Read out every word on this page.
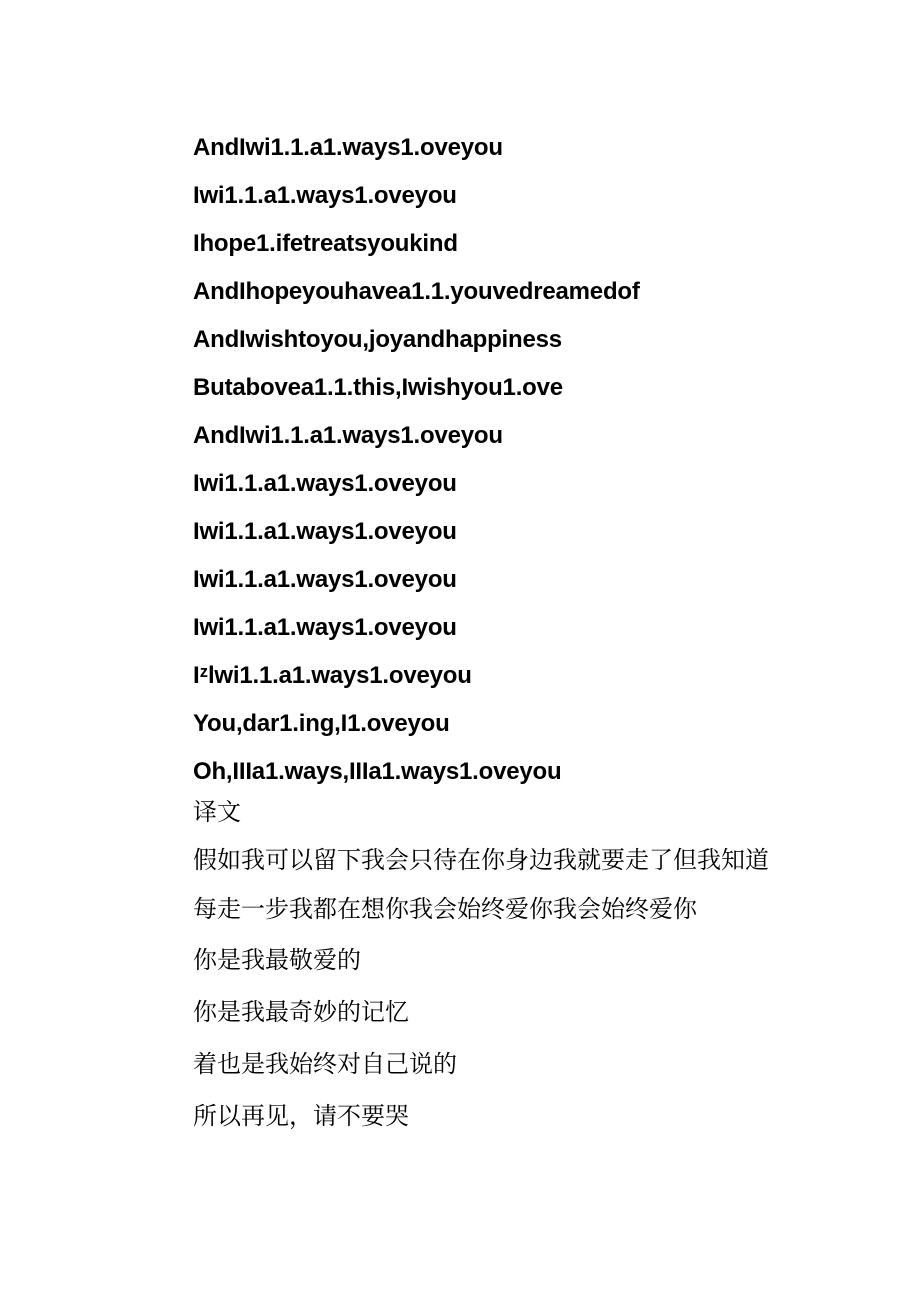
AndIwi1.1.a1.ways1.oveyou
Iwi1.1.a1.ways1.oveyou
Ihope1.ifetreatsyoukind
AndIhopeyouhavea1.1.youvedreamedof
AndIwishtoyou,joyandhappiness
Butabovea1.1.this,Iwishyou1.ove
AndIwi1.1.a1.ways1.oveyou
Iwi1.1.a1.ways1.oveyou
Iwi1.1.a1.ways1.oveyou
Iwi1.1.a1.ways1.oveyou
Iwi1.1.a1.ways1.oveyou
Iᶻlwi1.1.a1.ways1.oveyou
You,dar1.ing,I1.oveyou
Oh,IIIa1.ways,IIIa1.ways1.oveyou
译文
假如我可以留下我会只待在你身边我就要走了但我知道每走一步我都在想你我会始终爱你我会始终爱你
你是我最敬爱的
你是我最奇妙的记忆
着也是我始终对自己说的
所以再见，请不要哭
